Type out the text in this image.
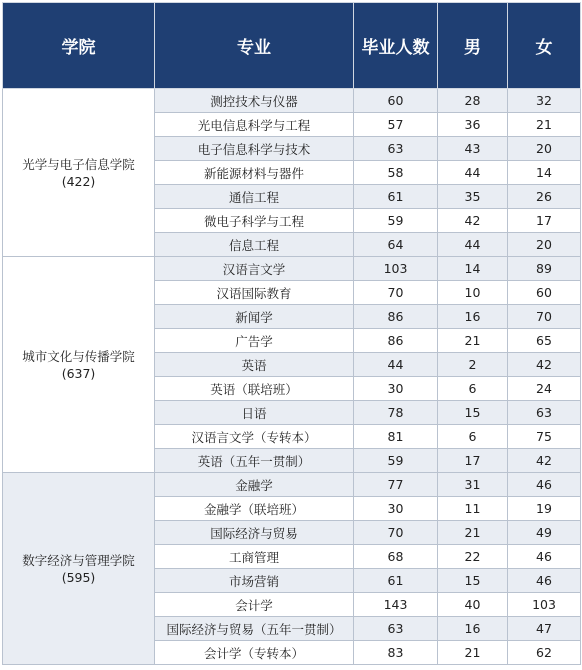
学院	专业	毕业人数	男	女

光学与电子信息学院
(422)	测控技术与仪器	60	28	32
	光电信息科学与工程	57	36	21
	电子信息科学与技术	63	43	20
	新能源材料与器件	58	44	14
	通信工程	61	35	26
	微电子科学与工程	59	42	17
	信息工程	64	44	20

城市文化与传播学院
(637)	汉语言文学	103	14	89
	汉语国际教育	70	10	60
	新闻学	86	16	70
	广告学	86	21	65
	英语	44	2	42
	英语（联培班）	30	6	24
	日语	78	15	63
	汉语言文学（专转本）	81	6	75
	英语（五年一贯制）	59	17	42

数字经济与管理学院
(595)	金融学	77	31	46
	金融学（联培班）	30	11	19
	国际经济与贸易	70	21	49
	工商管理	68	22	46
	市场营销	61	15	46
	会计学	143	40	103
	国际经济与贸易（五年一贯制）	63	16	47
	会计学（专转本）	83	21	62
